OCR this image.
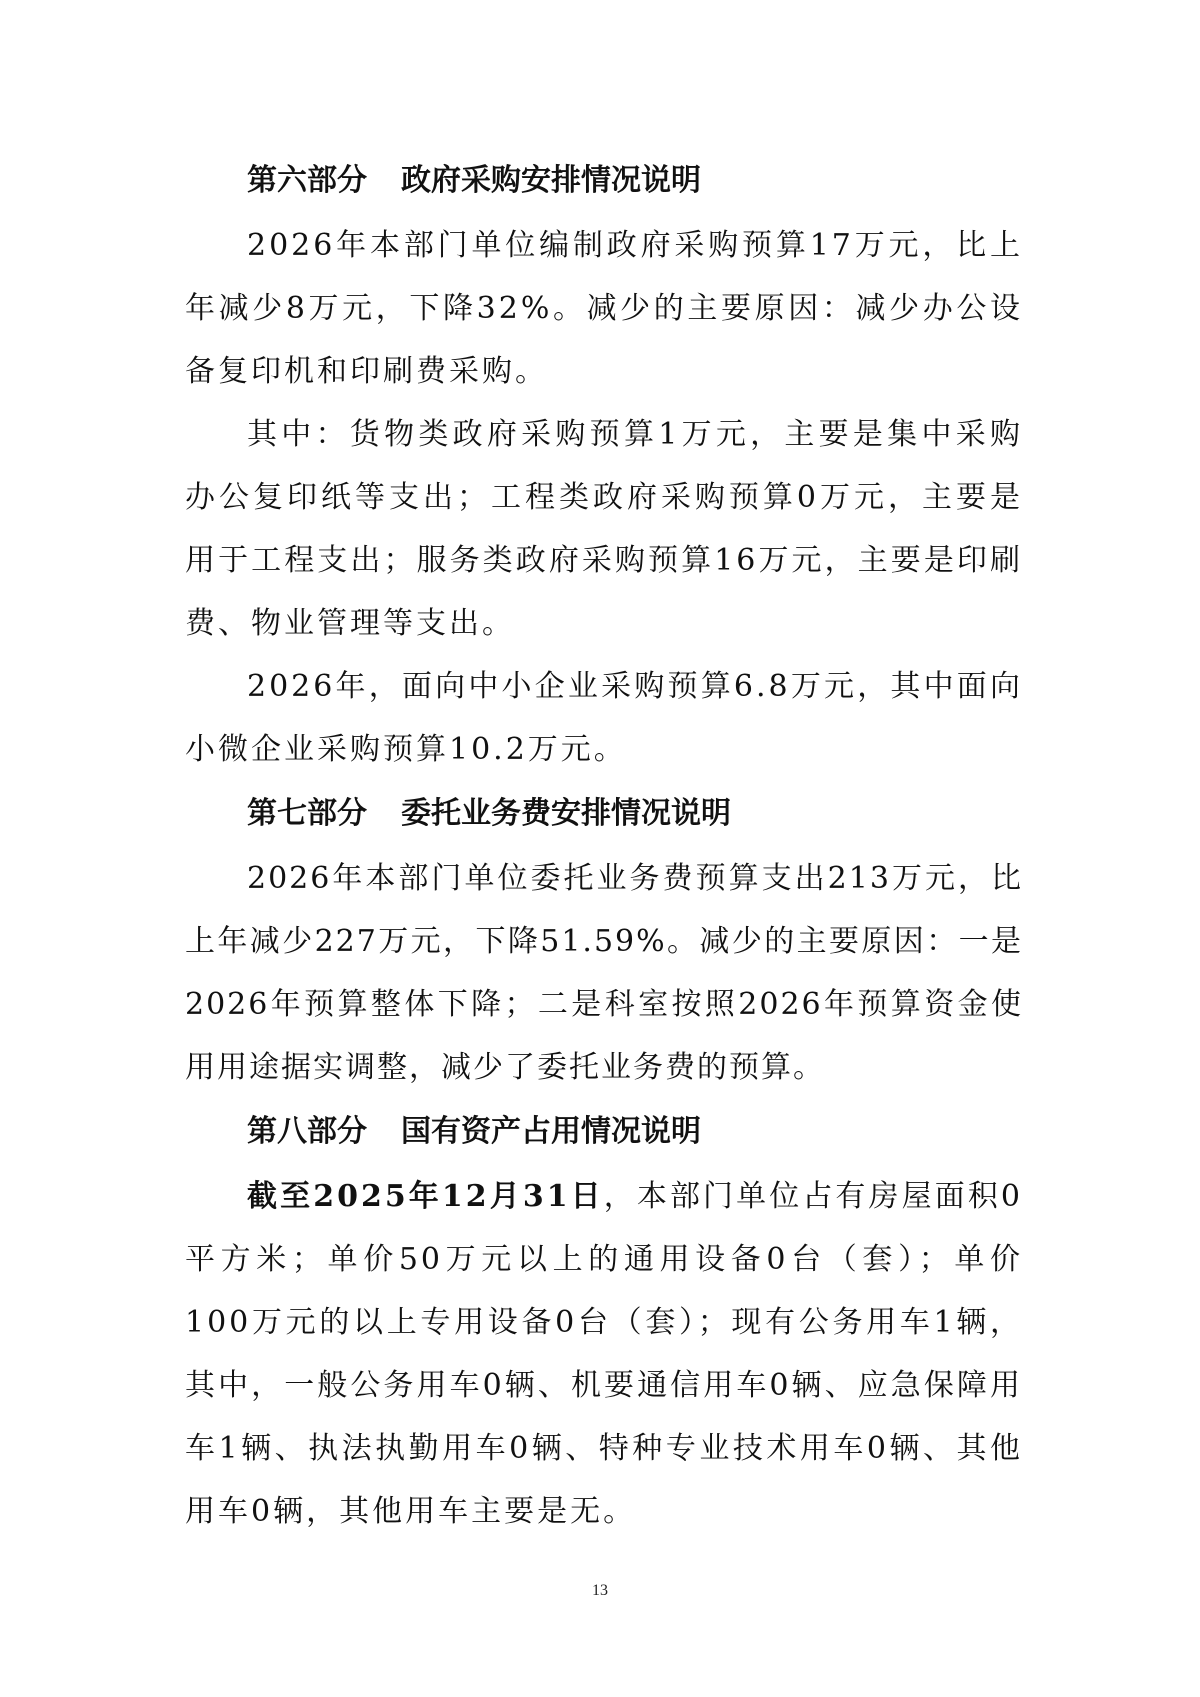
第六部分 政府采购安排情况说明

2026年本部门单位编制政府采购预算17万元，比上年减少8万元，下降32%。减少的主要原因：减少办公设备复印机和印刷费采购。

其中：货物类政府采购预算1万元，主要是集中采购办公复印纸等支出；工程类政府采购预算0万元，主要是用于工程支出；服务类政府采购预算16万元，主要是印刷费、物业管理等支出。

2026年，面向中小企业采购预算6.8万元，其中面向小微企业采购预算10.2万元。

第七部分 委托业务费安排情况说明

2026年本部门单位委托业务费预算支出213万元，比上年减少227万元，下降51.59%。减少的主要原因：一是2026年预算整体下降；二是科室按照2026年预算资金使用用途据实调整，减少了委托业务费的预算。

第八部分 国有资产占用情况说明

截至2025年12月31日，本部门单位占有房屋面积0平方米；单价50万元以上的通用设备0台（套）；单价100万元的以上专用设备0台（套）；现有公务用车1辆，其中，一般公务用车0辆、机要通信用车0辆、应急保障用车1辆、执法执勤用车0辆、特种专业技术用车0辆、其他用车0辆，其他用车主要是无。

13
